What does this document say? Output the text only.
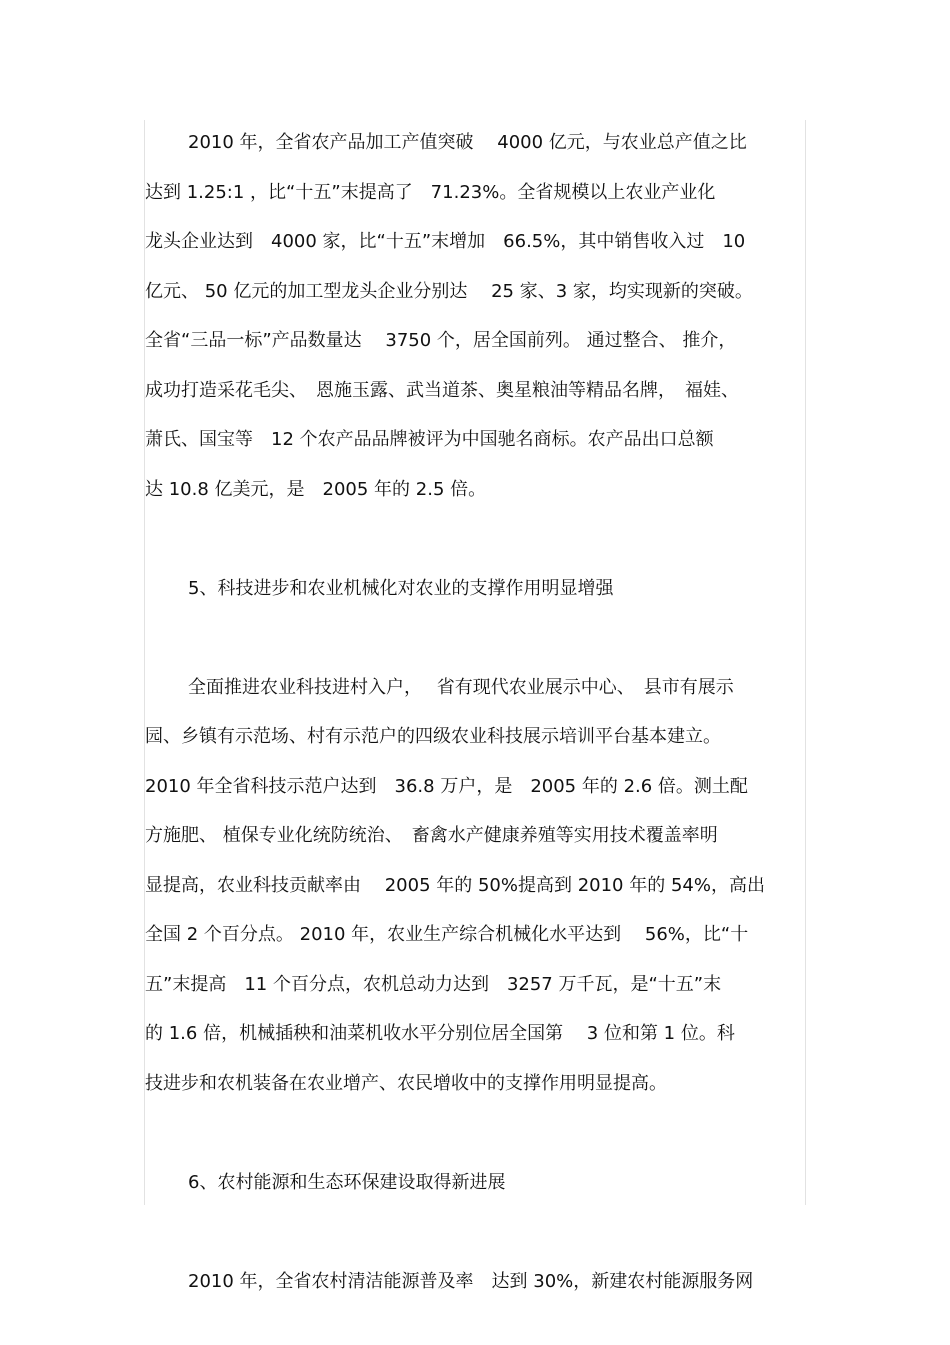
2010 年，全省农产品加工产值突破　 4000 亿元，与农业总产值之比
达到 1.25:1 ，比“十五”末提高了　71.23%。全省规模以上农业产业化
龙头企业达到　4000 家，比“十五”末增加　66.5%，其中销售收入过　10
亿元、 50 亿元的加工型龙头企业分别达　 25 家、3 家，均实现新的突破。
全省“三品一标”产品数量达　 3750 个，居全国前列。 通过整合、 推介，
成功打造采花毛尖、　恩施玉露、武当道茶、奥星粮油等精品名牌，　福娃、
萧氏、国宝等　12 个农产品品牌被评为中国驰名商标。农产品出口总额
达 10.8 亿美元，是　2005 年的 2.5 倍。
5、科技进步和农业机械化对农业的支撑作用明显增强
全面推进农业科技进村入户，　 省有现代农业展示中心、　县市有展示
园、乡镇有示范场、村有示范户的四级农业科技展示培训平台基本建立。
2010 年全省科技示范户达到　36.8 万户，是　2005 年的 2.6 倍。测土配
方施肥、 植保专业化统防统治、　畜禽水产健康养殖等实用技术覆盖率明
显提高，农业科技贡献率由　 2005 年的 50%提高到 2010 年的 54%，高出
全国 2 个百分点。 2010 年，农业生产综合机械化水平达到　 56%，比“十
五”末提高　11 个百分点，农机总动力达到　3257 万千瓦，是“十五”末
的 1.6 倍，机械插秧和油菜机收水平分别位居全国第　 3 位和第 1 位。科
技进步和农机装备在农业增产、农民增收中的支撑作用明显提高。
6、农村能源和生态环保建设取得新进展
2010 年，全省农村清洁能源普及率　达到 30%，新建农村能源服务网
